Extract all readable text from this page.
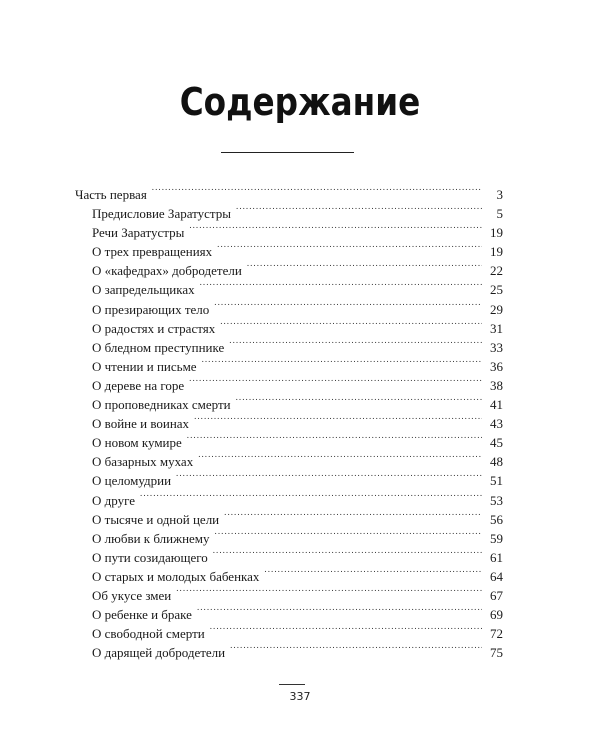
Содержание
Часть первая . . .	3
Предисловие Заратустры . . .	5
Речи Заратустры . . .	19
О трех превращениях . . .	19
О «кафедрах» добродетели . . .	22
О запредельщиках . . .	25
О презирающих тело . . .	29
О радостях и страстях . . .	31
О бледном преступнике . . .	33
О чтении и письме . . .	36
О дереве на горе . . .	38
О проповедниках смерти . . .	41
О войне и воинах . . .	43
О новом кумире . . .	45
О базарных мухах . . .	48
О целомудрии . . .	51
О друге . . .	53
О тысяче и одной цели . . .	56
О любви к ближнему . . .	59
О пути созидающего . . .	61
О старых и молодых бабенках . . .	64
Об укусе змеи . . .	67
О ребенке и браке . . .	69
О свободной смерти . . .	72
О дарящей добродетели . . .	75
337
